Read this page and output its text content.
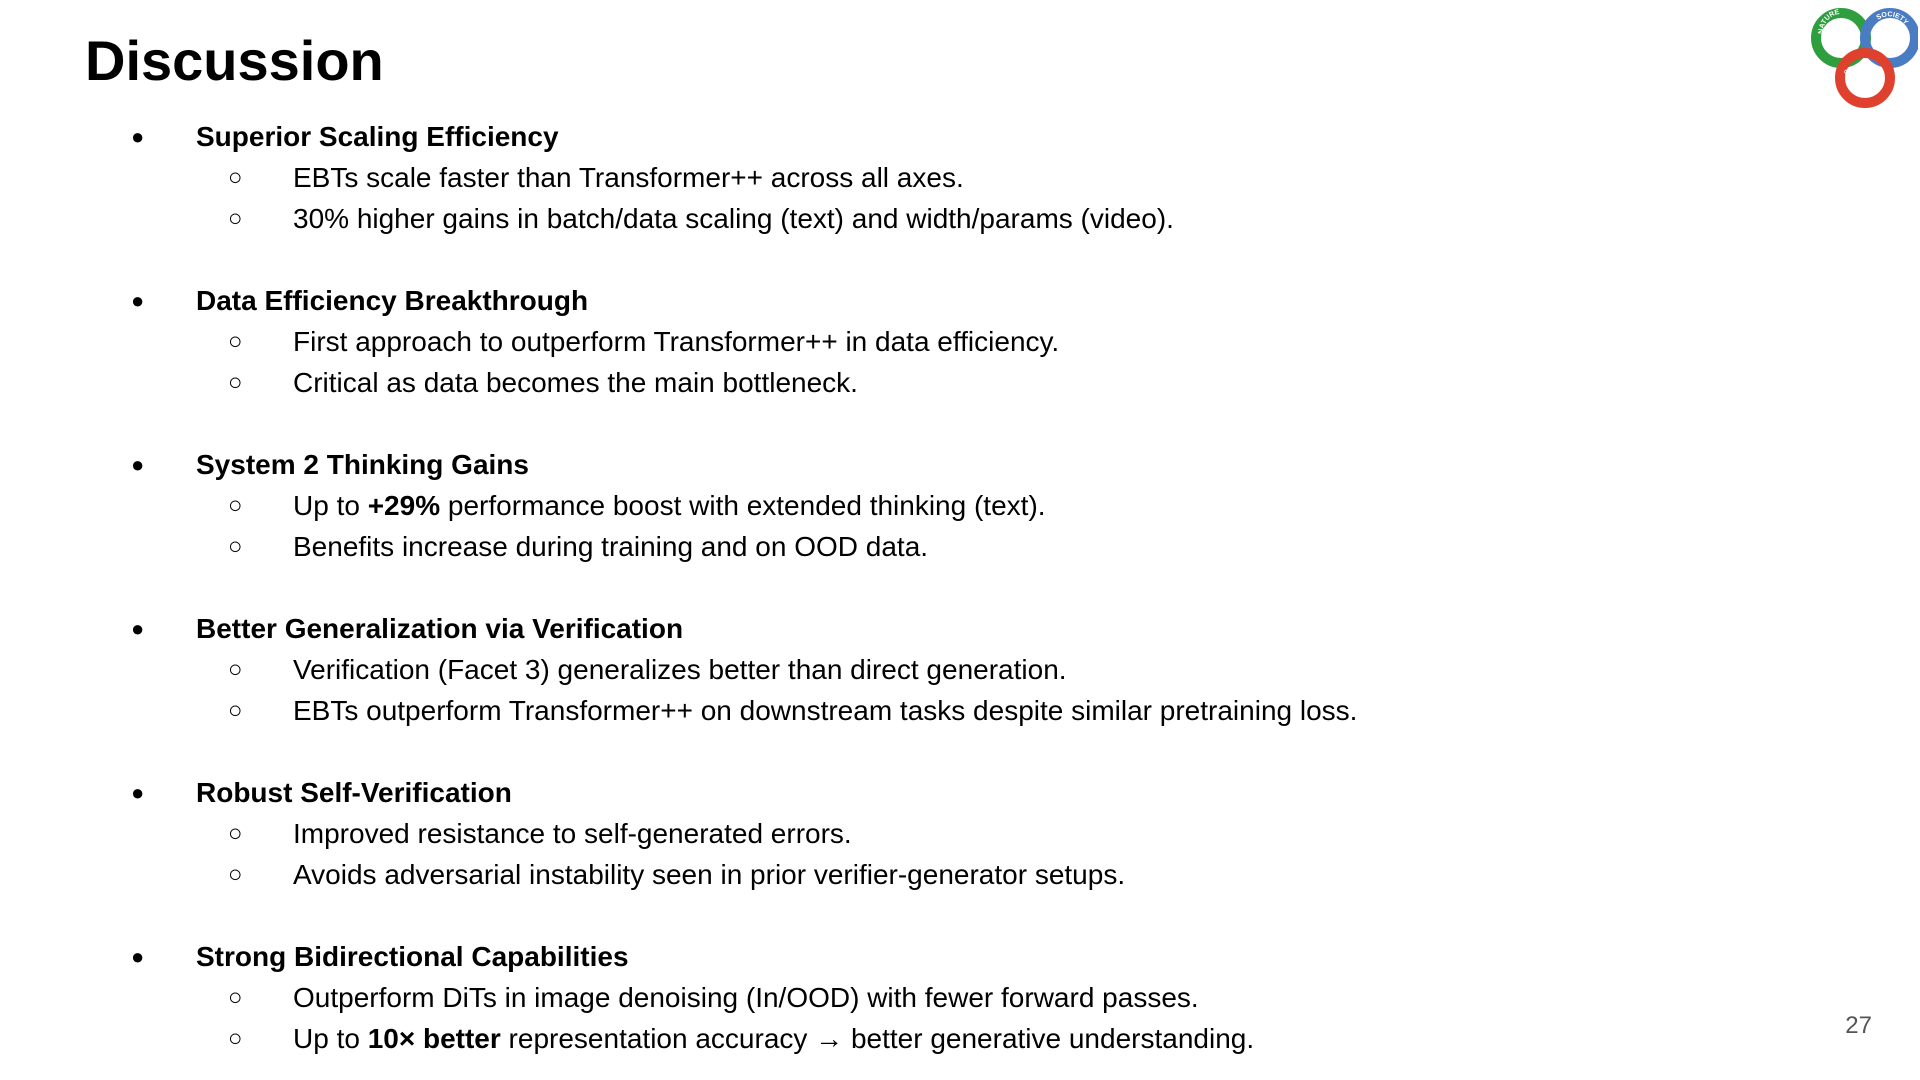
Discussion	NATURE
SOCIETY
COMPUTATION
● Superior Scaling Efficiency
○ EBTs scale faster than Transformer++ across all axes.
○ 30% higher gains in batch/data scaling (text) and width/params (video).
● Data Efficiency Breakthrough
○ First approach to outperform Transformer++ in data efficiency.
○ Critical as data becomes the main bottleneck.
● System 2 Thinking Gains
○ Up to +29% performance boost with extended thinking (text).
○ Benefits increase during training and on OOD data.
● Better Generalization via Verification
○ Verification (Facet 3) generalizes better than direct generation.
○ EBTs outperform Transformer++ on downstream tasks despite similar pretraining loss.
● Robust Self-Verification
○ Improved resistance to self-generated errors.
○ Avoids adversarial instability seen in prior verifier-generator setups.
● Strong Bidirectional Capabilities
○ Outperform DiTs in image denoising (In/OOD) with fewer forward passes.
○ Up to 10× better representation accuracy → better generative understanding.	27
